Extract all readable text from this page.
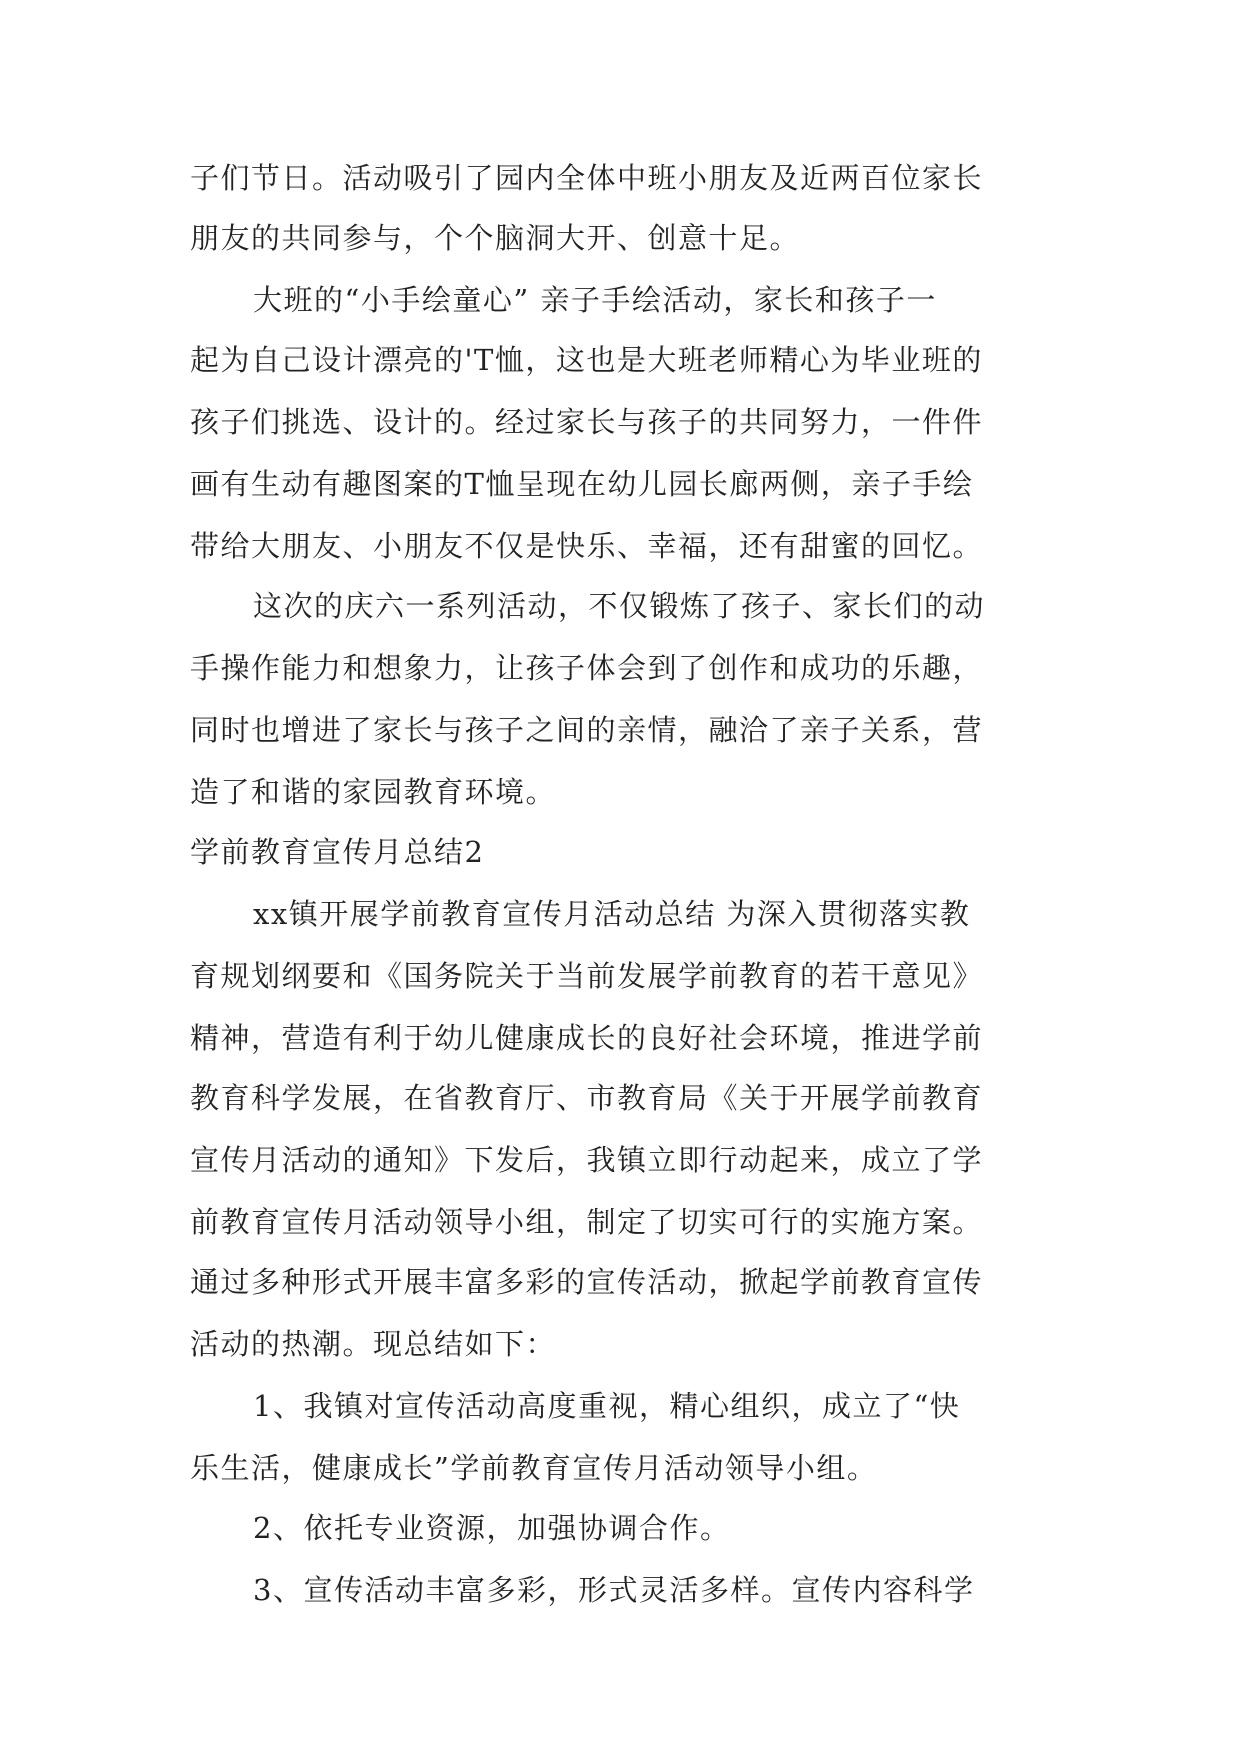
子们节日。活动吸引了园内全体中班小朋友及近两百位家长
朋友的共同参与，个个脑洞大开、创意十足。
大班的“小手绘童心” 亲子手绘活动，家长和孩子一
起为自己设计漂亮的'T恤，这也是大班老师精心为毕业班的
孩子们挑选、设计的。经过家长与孩子的共同努力，一件件
画有生动有趣图案的T恤呈现在幼儿园长廊两侧，亲子手绘
带给大朋友、小朋友不仅是快乐、幸福，还有甜蜜的回忆。
这次的庆六一系列活动，不仅锻炼了孩子、家长们的动
手操作能力和想象力，让孩子体会到了创作和成功的乐趣，
同时也增进了家长与孩子之间的亲情，融洽了亲子关系，营
造了和谐的家园教育环境。
学前教育宣传月总结2
xx镇开展学前教育宣传月活动总结 为深入贯彻落实教
育规划纲要和《国务院关于当前发展学前教育的若干意见》
精神，营造有利于幼儿健康成长的良好社会环境，推进学前
教育科学发展，在省教育厅、市教育局《关于开展学前教育
宣传月活动的通知》下发后，我镇立即行动起来，成立了学
前教育宣传月活动领导小组，制定了切实可行的实施方案。
通过多种形式开展丰富多彩的宣传活动，掀起学前教育宣传
活动的热潮。现总结如下：
1、我镇对宣传活动高度重视，精心组织，成立了“快
乐生活，健康成长”学前教育宣传月活动领导小组。
2、依托专业资源，加强协调合作。
3、宣传活动丰富多彩，形式灵活多样。宣传内容科学
